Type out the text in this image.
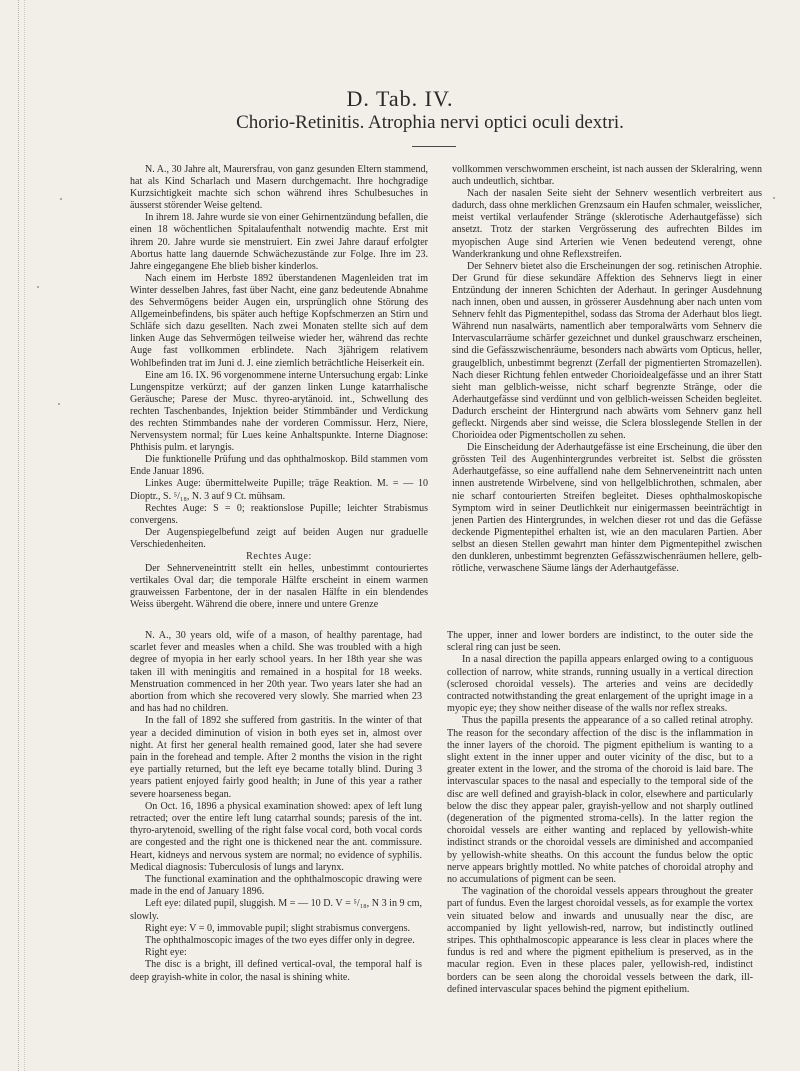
D. Tab. IV.
Chorio-Retinitis. Atrophia nervi optici oculi dextri.

N. A., 30 Jahre alt, Maurersfrau, von ganz gesunden Eltern stammend, hat als Kind Scharlach und Masern durchgemacht. Ihre hochgradige Kurzsichtigkeit machte sich schon während ihres Schulbesuches in äusserst störender Weise geltend.

In ihrem 18. Jahre wurde sie von einer Gehirnentzündung befallen, die einen 18 wöchentlichen Spitalaufenthalt notwendig machte. Erst mit ihrem 20. Jahre wurde sie menstruiert. Ein zwei Jahre darauf erfolgter Abortus hatte lang dauernde Schwächezustände zur Folge. Ihre im 23. Jahre eingegangene Ehe blieb bisher kinderlos.

Nach einem im Herbste 1892 überstandenen Magenleiden trat im Winter desselben Jahres, fast über Nacht, eine ganz bedeutende Abnahme des Sehvermögens beider Augen ein, ursprünglich ohne Störung des Allgemeinbefindens, bis später auch heftige Kopfschmerzen an Stirn und Schläfe sich dazu gesellten. Nach zwei Monaten stellte sich auf dem linken Auge das Sehvermögen teilweise wieder her, während das rechte Auge fast vollkommen erblindete. Nach 3jährigem relativem Wohlbefinden trat im Juni d. J. eine ziemlich beträchtliche Heiserkeit ein.

Eine am 16. IX. 96 vorgenommene interne Untersuchung ergab: Linke Lungenspitze verkürzt; auf der ganzen linken Lunge katarrhalische Geräusche; Parese der Musc. thyreo-arytänoid. int., Schwellung des rechten Taschenbandes, Injektion beider Stimmbänder und Verdickung des rechten Stimmbandes nahe der vorderen Commissur. Herz, Niere, Nervensystem normal; für Lues keine Anhaltspunkte. Interne Diagnose: Phthisis pulm. et laryngis.

Die funktionelle Prüfung und das ophthalmoskop. Bild stammen vom Ende Januar 1896.

Linkes Auge: übermittelweite Pupille; träge Reaktion. M. = — 10 Dioptr., S. ⁵/₁₈, N. 3 auf 9 Ct. mühsam.

Rechtes Auge: S = 0; reaktionslose Pupille; leichter Strabismus convergens.

Der Augenspiegelbefund zeigt auf beiden Augen nur graduelle Verschiedenheiten.

Rechtes Auge:

Der Sehnerveneintritt stellt ein helles, unbestimmt contouriertes vertikales Oval dar; die temporale Hälfte erscheint in einem warmen grauweissen Farbentone, der in der nasalen Hälfte in ein blendendes Weiss übergeht. Während die obere, innere und untere Grenze

vollkommen verschwommen erscheint, ist nach aussen der Skleralring, wenn auch undeutlich, sichtbar.

Nach der nasalen Seite sieht der Sehnerv wesentlich verbreitert aus dadurch, dass ohne merklichen Grenzsaum ein Haufen schmaler, weisslicher, meist vertikal verlaufender Stränge (sklerotische Aderhautgefässe) sich ansetzt. Trotz der starken Vergrösserung des aufrechten Bildes im myopischen Auge sind Arterien wie Venen bedeutend verengt, ohne Wanderkrankung und ohne Reflexstreifen.

Der Sehnerv bietet also die Erscheinungen der sog. retinischen Atrophie. Der Grund für diese sekundäre Affektion des Sehnervs liegt in einer Entzündung der inneren Schichten der Aderhaut. In geringer Ausdehnung nach innen, oben und aussen, in grösserer Ausdehnung aber nach unten vom Sehnerv fehlt das Pigmentepithel, sodass das Stroma der Aderhaut blos liegt. Während nun nasalwärts, namentlich aber temporalwärts vom Sehnerv die Intervascularräume schärfer gezeichnet und dunkel grauschwarz erscheinen, sind die Gefässzwischenräume, besonders nach abwärts vom Opticus, heller, graugelblich, unbestimmt begrenzt (Zerfall der pigmentierten Stromazellen). Nach dieser Richtung fehlen entweder Chorioidealgefässe und an ihrer Statt sieht man gelblich-weisse, nicht scharf begrenzte Stränge, oder die Aderhautgefässe sind verdünnt und von gelblich-weissen Scheiden begleitet. Dadurch erscheint der Hintergrund nach abwärts vom Sehnerv ganz hell gefleckt. Nirgends aber sind weisse, die Sclera blosslegende Stellen in der Chorioidea oder Pigmentschollen zu sehen.

Die Einscheidung der Aderhautgefässe ist eine Erscheinung, die über den grössten Teil des Augenhintergrundes verbreitet ist. Selbst die grössten Aderhautgefässe, so eine auffallend nahe dem Sehnerveneintritt nach unten innen austretende Wirbelvene, sind von hellgelblichrothen, schmalen, aber nie scharf contourierten Streifen begleitet. Dieses ophthalmoskopische Symptom wird in seiner Deutlichkeit nur einigermassen beeinträchtigt in jenen Partien des Hintergrundes, in welchen dieser rot und das die Gefässe deckende Pigmentepithel erhalten ist, wie an den macularen Partien. Aber selbst an diesen Stellen gewahrt man hinter dem Pigmentepithel zwischen den dunkleren, unbestimmt begrenzten Gefässzwischenräumen hellere, gelb-rötliche, verwaschene Säume längs der Aderhautgefässe.

N. A., 30 years old, wife of a mason, of healthy parentage, had scarlet fever and measles when a child. She was troubled with a high degree of myopia in her early school years. In her 18th year she was taken ill with meningitis and remained in a hospital for 18 weeks. Menstruation commenced in her 20th year. Two years later she had an abortion from which she recovered very slowly. She married when 23 and has had no children.

In the fall of 1892 she suffered from gastritis. In the winter of that year a decided diminution of vision in both eyes set in, almost over night. At first her general health remained good, later she had severe pain in the forehead and temple. After 2 months the vision in the right eye partially returned, but the left eye became totally blind. During 3 years patient enjoyed fairly good health; in June of this year a rather severe hoarseness began.

On Oct. 16, 1896 a physical examination showed: apex of left lung retracted; over the entire left lung catarrhal sounds; paresis of the int. thyro-arytenoid, swelling of the right false vocal cord, both vocal cords are congested and the right one is thickened near the ant. commissure. Heart, kidneys and nervous system are normal; no evidence of syphilis. Medical diagnosis: Tuberculosis of lungs and larynx.

The functional examination and the ophthalmoscopic drawing were made in the end of January 1896.

Left eye: dilated pupil, sluggish. M = — 10 D. V = ⁵/₁₈, N 3 in 9 cm, slowly.

Right eye: V = 0, immovable pupil; slight strabismus convergens.

The ophthalmoscopic images of the two eyes differ only in degree.

Right eye:

The disc is a bright, ill defined vertical-oval, the temporal half is deep grayish-white in color, the nasal is shining white.

The upper, inner and lower borders are indistinct, to the outer side the scleral ring can just be seen.

In a nasal direction the papilla appears enlarged owing to a contiguous collection of narrow, white strands, running usually in a vertical direction (sclerosed choroidal vessels). The arteries and veins are decidedly contracted notwithstanding the great enlargement of the upright image in a myopic eye; they show neither disease of the walls nor reflex streaks.

Thus the papilla presents the appearance of a so called retinal atrophy. The reason for the secondary affection of the disc is the inflammation in the inner layers of the choroid. The pigment epithelium is wanting to a slight extent in the inner upper and outer vicinity of the disc, but to a greater extent in the lower, and the stroma of the choroid is laid bare. The intervascular spaces to the nasal and especially to the temporal side of the disc are well defined and grayish-black in color, elsewhere and particularly below the disc they appear paler, grayish-yellow and not sharply outlined (degeneration of the pigmented stroma-cells). In the latter region the choroidal vessels are either wanting and replaced by yellowish-white indistinct strands or the choroidal vessels are diminished and accompanied by yellowish-white sheaths. On this account the fundus below the optic nerve appears brightly mottled. No white patches of choroidal atrophy and no accumulations of pigment can be seen.

The vagination of the choroidal vessels appears throughout the greater part of fundus. Even the largest choroidal vessels, as for example the vortex vein situated below and inwards and unusually near the disc, are accompanied by light yellowish-red, narrow, but indistinctly outlined stripes. This ophthalmoscopic appearance is less clear in places where the fundus is red and where the pigment epithelium is preserved, as in the macular region. Even in these places paler, yellowish-red, indistinct borders can be seen along the choroidal vessels between the dark, ill-defined intervascular spaces behind the pigment epithelium.
